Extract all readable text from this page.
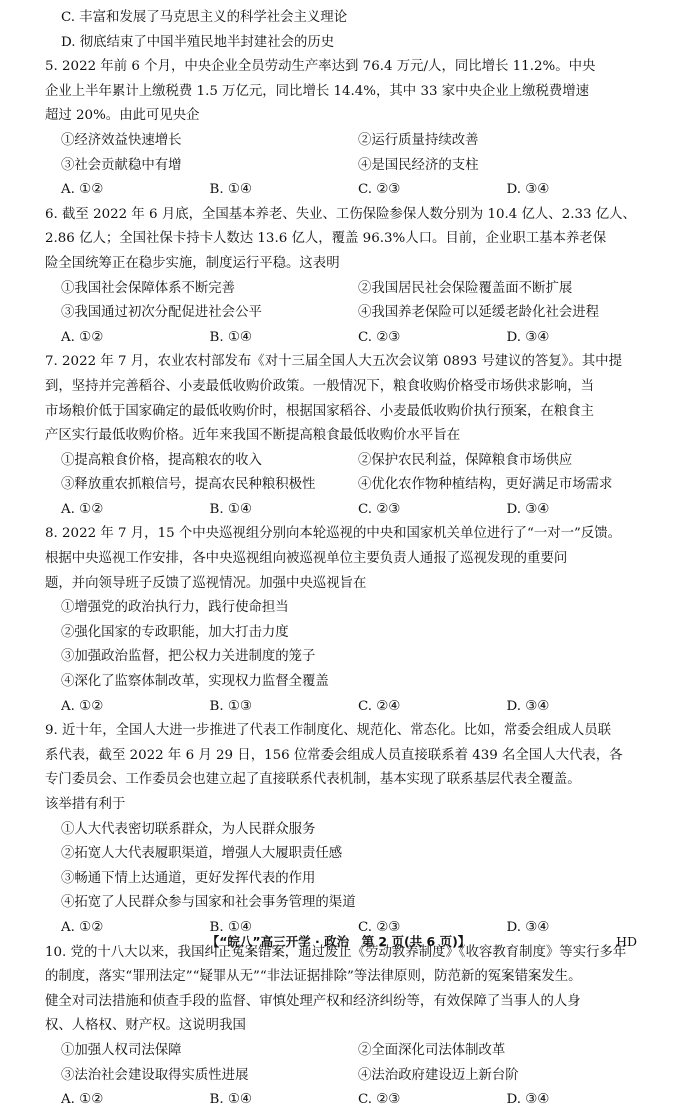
C. 丰富和发展了马克思主义的科学社会主义理论
D. 彻底结束了中国半殖民地半封建社会的历史
5. 2022 年前 6 个月，中央企业全员劳动生产率达到 76.4 万元/人，同比增长 11.2%。中央
企业上半年累计上缴税费 1.5 万亿元，同比增长 14.4%，其中 33 家中央企业上缴税费增速
超过 20%。由此可见央企
①经济效益快速增长	②运行质量持续改善
③社会贡献稳中有增	④是国民经济的支柱
A. ①②	B. ①④	C. ②③	D. ③④
6. 截至 2022 年 6 月底，全国基本养老、失业、工伤保险参保人数分别为 10.4 亿人、2.33 亿人、
2.86 亿人；全国社保卡持卡人数达 13.6 亿人，覆盖 96.3%人口。目前，企业职工基本养老保
险全国统筹正在稳步实施，制度运行平稳。这表明
①我国社会保障体系不断完善	②我国居民社会保险覆盖面不断扩展
③我国通过初次分配促进社会公平	④我国养老保险可以延缓老龄化社会进程
A. ①②	B. ①④	C. ②③	D. ③④
7. 2022 年 7 月，农业农村部发布《对十三届全国人大五次会议第 0893 号建议的答复》。其中提
到，坚持并完善稻谷、小麦最低收购价政策。一般情况下，粮食收购价格受市场供求影响，当
市场粮价低于国家确定的最低收购价时，根据国家稻谷、小麦最低收购价执行预案，在粮食主
产区实行最低收购价格。近年来我国不断提高粮食最低收购价水平旨在
①提高粮食价格，提高粮农的收入	②保护农民利益，保障粮食市场供应
③释放重农抓粮信号，提高农民种粮积极性	④优化农作物种植结构，更好满足市场需求
A. ①②	B. ①④	C. ②③	D. ③④
8. 2022 年 7 月，15 个中央巡视组分别向本轮巡视的中央和国家机关单位进行了“一对一”反馈。
根据中央巡视工作安排，各中央巡视组向被巡视单位主要负责人通报了巡视发现的重要问
题，并向领导班子反馈了巡视情况。加强中央巡视旨在
①增强党的政治执行力，践行使命担当
②强化国家的专政职能，加大打击力度
③加强政治监督，把公权力关进制度的笼子
④深化了监察体制改革，实现权力监督全覆盖
A. ①②	B. ①③	C. ②④	D. ③④
9. 近十年，全国人大进一步推进了代表工作制度化、规范化、常态化。比如，常委会组成人员联
系代表，截至 2022 年 6 月 29 日，156 位常委会组成人员直接联系着 439 名全国人大代表，各
专门委员会、工作委员会也建立起了直接联系代表机制，基本实现了联系基层代表全覆盖。
该举措有利于
①人大代表密切联系群众，为人民群众服务
②拓宽人大代表履职渠道，增强人大履职责任感
③畅通下情上达通道，更好发挥代表的作用
④拓宽了人民群众参与国家和社会事务管理的渠道
A. ①②	B. ①④	C. ②③	D. ③④
10. 党的十八大以来，我国纠正冤案错案，通过废止《劳动教养制度》《收容教育制度》等实行多年
的制度，落实“罪刑法定”“疑罪从无”“非法证据排除”等法律原则，防范新的冤案错案发生。
健全对司法措施和侦查手段的监督、审慎处理产权和经济纠纷等，有效保障了当事人的人身
权、人格权、财产权。这说明我国
①加强人权司法保障	②全面深化司法体制改革
③法治社会建设取得实质性进展	④法治政府建设迈上新台阶
A. ①②	B. ①④	C. ②③	D. ③④
【“皖八”高三开学 · 政治　第 2 页(共 6 页)】	HD
